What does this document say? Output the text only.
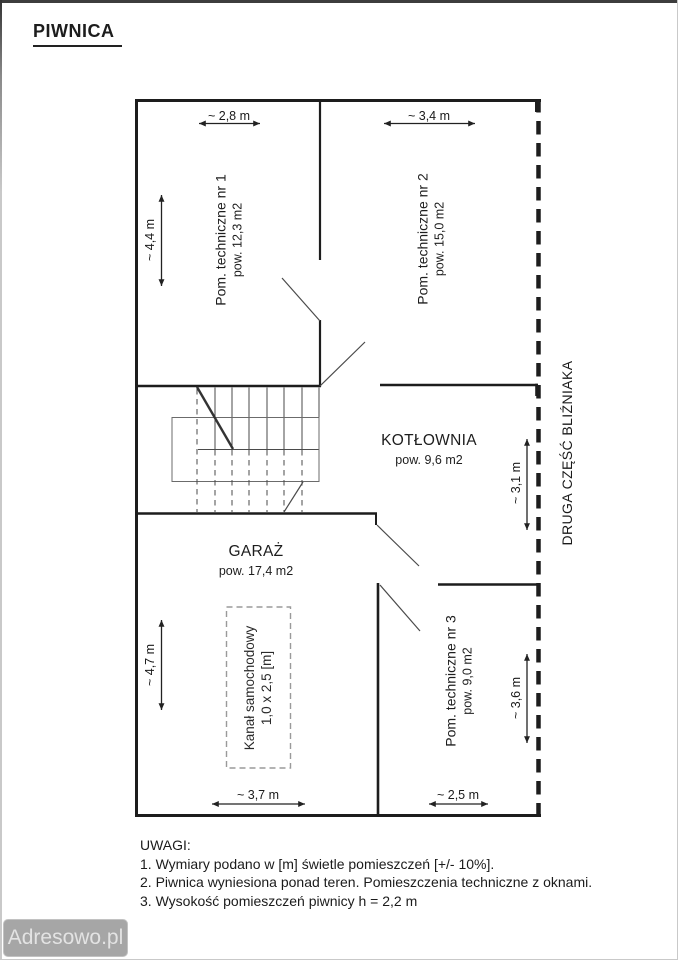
PIWNICA
~ 2,8 m	~ 3,4 m
~ 4,4 m
~ 4,7 m
~ 3,1 m
~ 3,6 m
~ 3,7 m	~ 2,5 m
Pom. techniczne nr 1 pow. 12,3 m2	Pom. techniczne nr 2 pow. 15,0 m2
KOTŁOWNIA
pow. 9,6 m2
GARAŻ
pow. 17,4 m2
Pom. techniczne nr 3 pow. 9,0 m2
Kanał samochodowy 1,0 x 2,5 [m]
DRUGA CZĘŚĆ BLIŹNIAKA
UWAGI:
1. Wymiary podano w [m] świetle pomieszczeń [+/- 10%].
2. Piwnica wyniesiona ponad teren. Pomieszczenia techniczne z oknami.
3. Wysokość pomieszczeń piwnicy h = 2,2 m
Adresowo.pl
